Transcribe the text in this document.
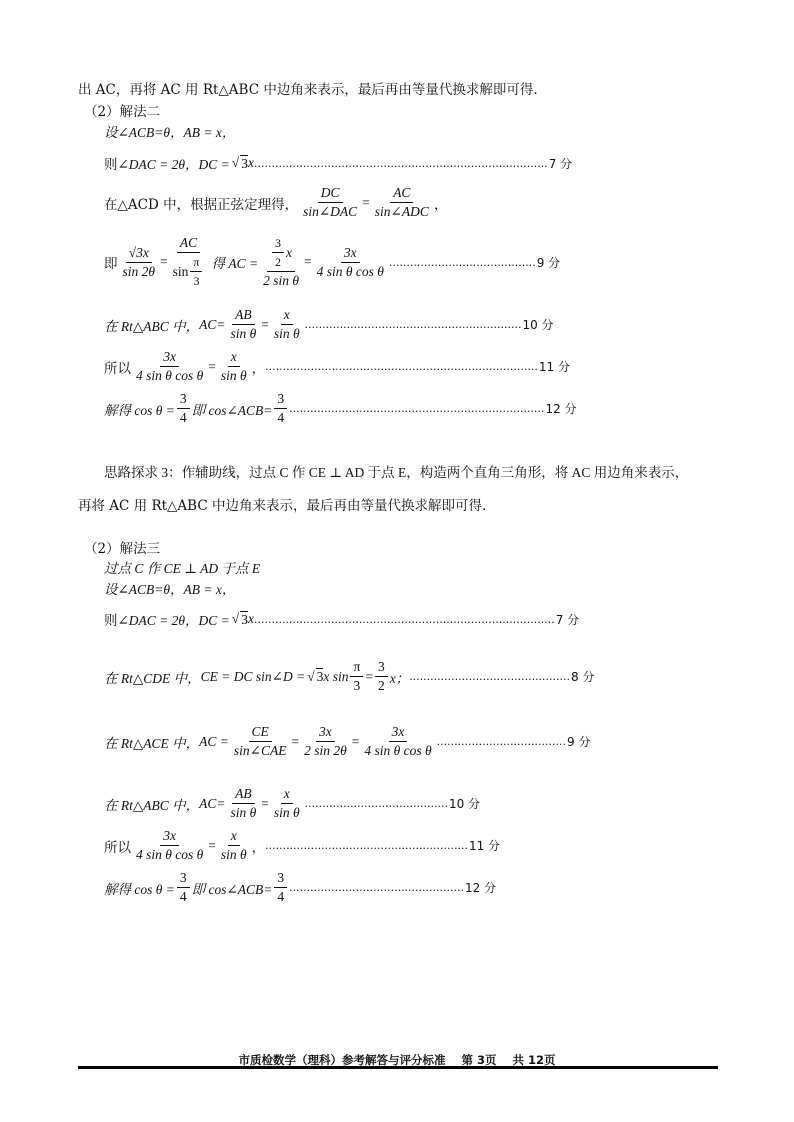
出 AC，再将 AC 用 Rt△ABC 中边角来表示，最后再由等量代换求解即可得.
（2）解法二
设∠ACB=θ，AB = x，
则 ∠DAC = 2θ，DC = √ 3 x .................................................................................... 7 分
在△ACD 中，根据正弦定理得， $\frac{DC}{\text{sin∠DAC}} = \frac{AC}{\text{sin∠ADC}}$ ，
即 $\frac{√3x}{\sin 2\theta} = \frac{AC}{\sin \frac{\pi}{3}}$ 得 AC = $\frac{\frac{3}{2} x}{\text{2 sin θ}} = \frac{3x}{\text{4 sin θ cos θ}}$ .......................................... 9 分
在 Rt△ABC 中， $AC= \frac{AB}{\text{sin θ}} = \frac{x}{\text{sin θ}}$ .............................................................. 10 分
所以 $\frac{3x}{\text{4 sin θ cos θ}} = \frac{x}{\text{sin θ}}$ ， .............................................................................. 11 分
解得 $\cos \theta = \frac{3}{4}$ 即 cos∠ACB= $\frac{3}{4}$ ......................................................................... 12 分
思路探求 3：作辅助线，过点 C 作 CE ⊥ AD 于点 E，构造两个直角三角形，将 AC 用边角来表示，
再将 AC 用 Rt△ABC 中边角来表示，最后再由等量代换求解即可得.
（2）解法三
过点 C 作 CE ⊥ AD 于点 E
设∠ACB=θ，AB = x，
则 ∠DAC = 2θ，DC = √ 3 x ...................................................................................... 7 分
在 Rt△CDE 中， CE = DC sin∠D = √ 3 x $\sin \frac{\pi}{3} = \frac{3}{2}$ x； .............................................. 8 分
在 Rt△ACE 中， AC = $\frac{CE}{\text{sin∠CAE}} = \frac{3x}{2 \sin 2\theta} = \frac{3x}{\text{4 sin θ cos θ}}$ ..................................... 9 分
在 Rt△ABC 中， $AC= \frac{AB}{\text{sin θ}} = \frac{x}{\text{sin θ}}$ ......................................... 10 分
所以 $\frac{3x}{\text{4 sin θ cos θ}} = \frac{x}{\text{sin θ}}$ ， .......................................................... 11 分
解得 $\cos \theta = \frac{3}{4}$ 即 cos∠ACB= $\frac{3}{4}$ .................................................. 12 分
市质检数学（理科）参考解答与评分标准 第 3页 共 12页
